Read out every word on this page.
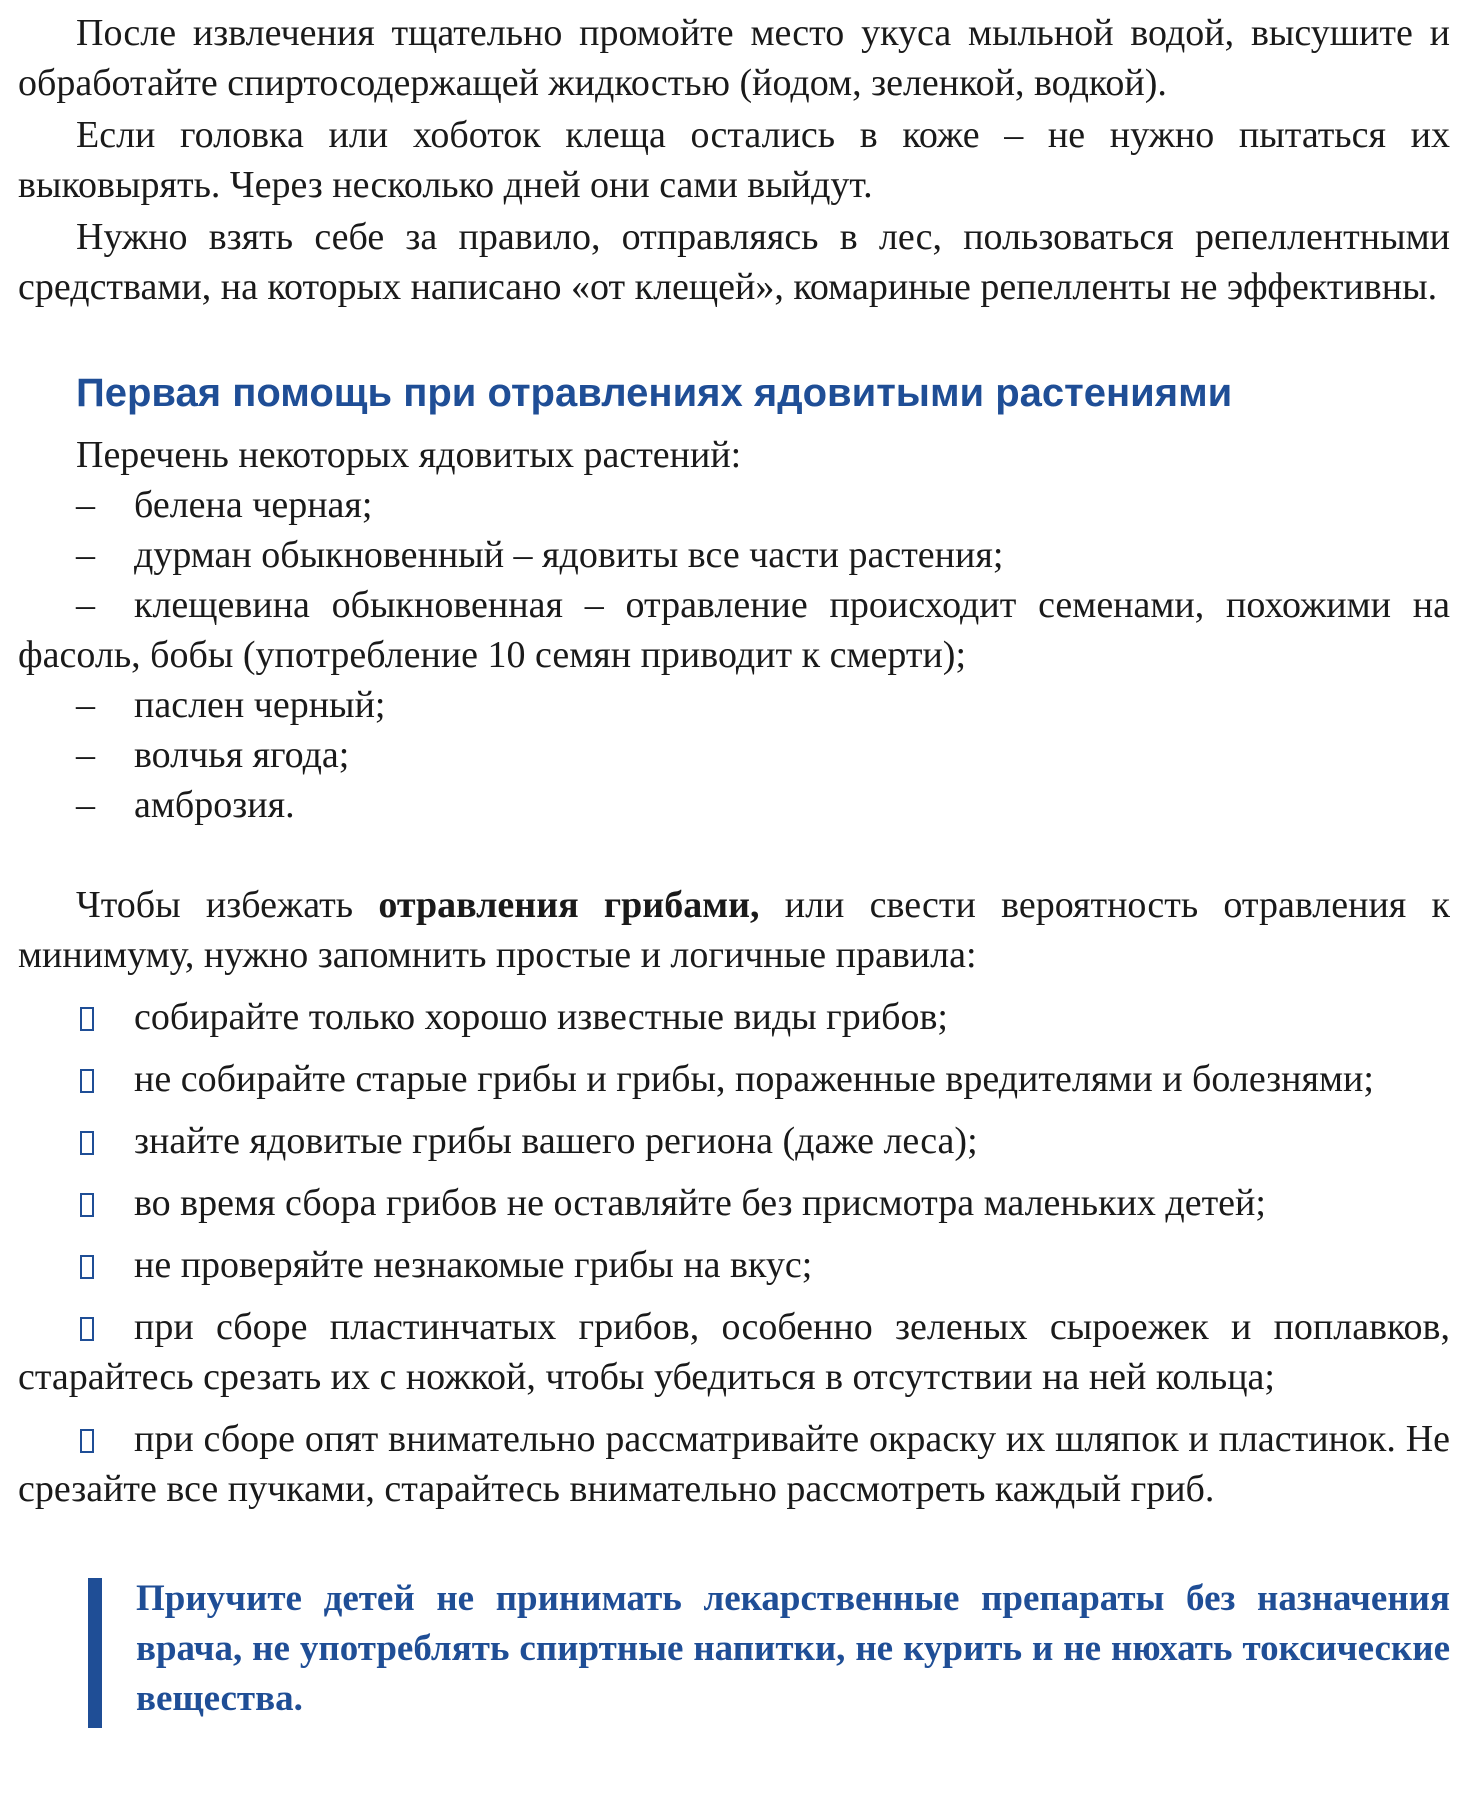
После извлечения тщательно промойте место укуса мыльной водой, высушите и обработайте спиртосодержащей жидкостью (йодом, зеленкой, водкой).

Если головка или хоботок клеща остались в коже – не нужно пытаться их выковырять. Через несколько дней они сами выйдут.

Нужно взять себе за правило, отправляясь в лес, пользоваться репеллентными средствами, на которых написано «от клещей», комариные репелленты не эффективны.

Первая помощь при отравлениях ядовитыми растениями

Перечень некоторых ядовитых растений:

– белена черная;

– дурман обыкновенный – ядовиты все части растения;

– клещевина обыкновенная – отравление происходит семенами, похожими на фасоль, бобы (употребление 10 семян приводит к смерти);

– паслен черный;

– волчья ягода;

– амброзия.

Чтобы избежать отравления грибами, или свести вероятность отравления к минимуму, нужно запомнить простые и логичные правила:

собирайте только хорошо известные виды грибов;

не собирайте старые грибы и грибы, пораженные вредителями и болезнями;

знайте ядовитые грибы вашего региона (даже леса);

во время сбора грибов не оставляйте без присмотра маленьких детей;

не проверяйте незнакомые грибы на вкус;

при сборе пластинчатых грибов, особенно зеленых сыроежек и поплавков, старайтесь срезать их с ножкой, чтобы убедиться в отсутствии на ней кольца;

при сборе опят внимательно рассматривайте окраску их шляпок и пластинок. Не срезайте все пучками, старайтесь внимательно рассмотреть каждый гриб.

Приучите детей не принимать лекарственные препараты без назначения врача, не употреблять спиртные напитки, не курить и не нюхать токсические вещества.
